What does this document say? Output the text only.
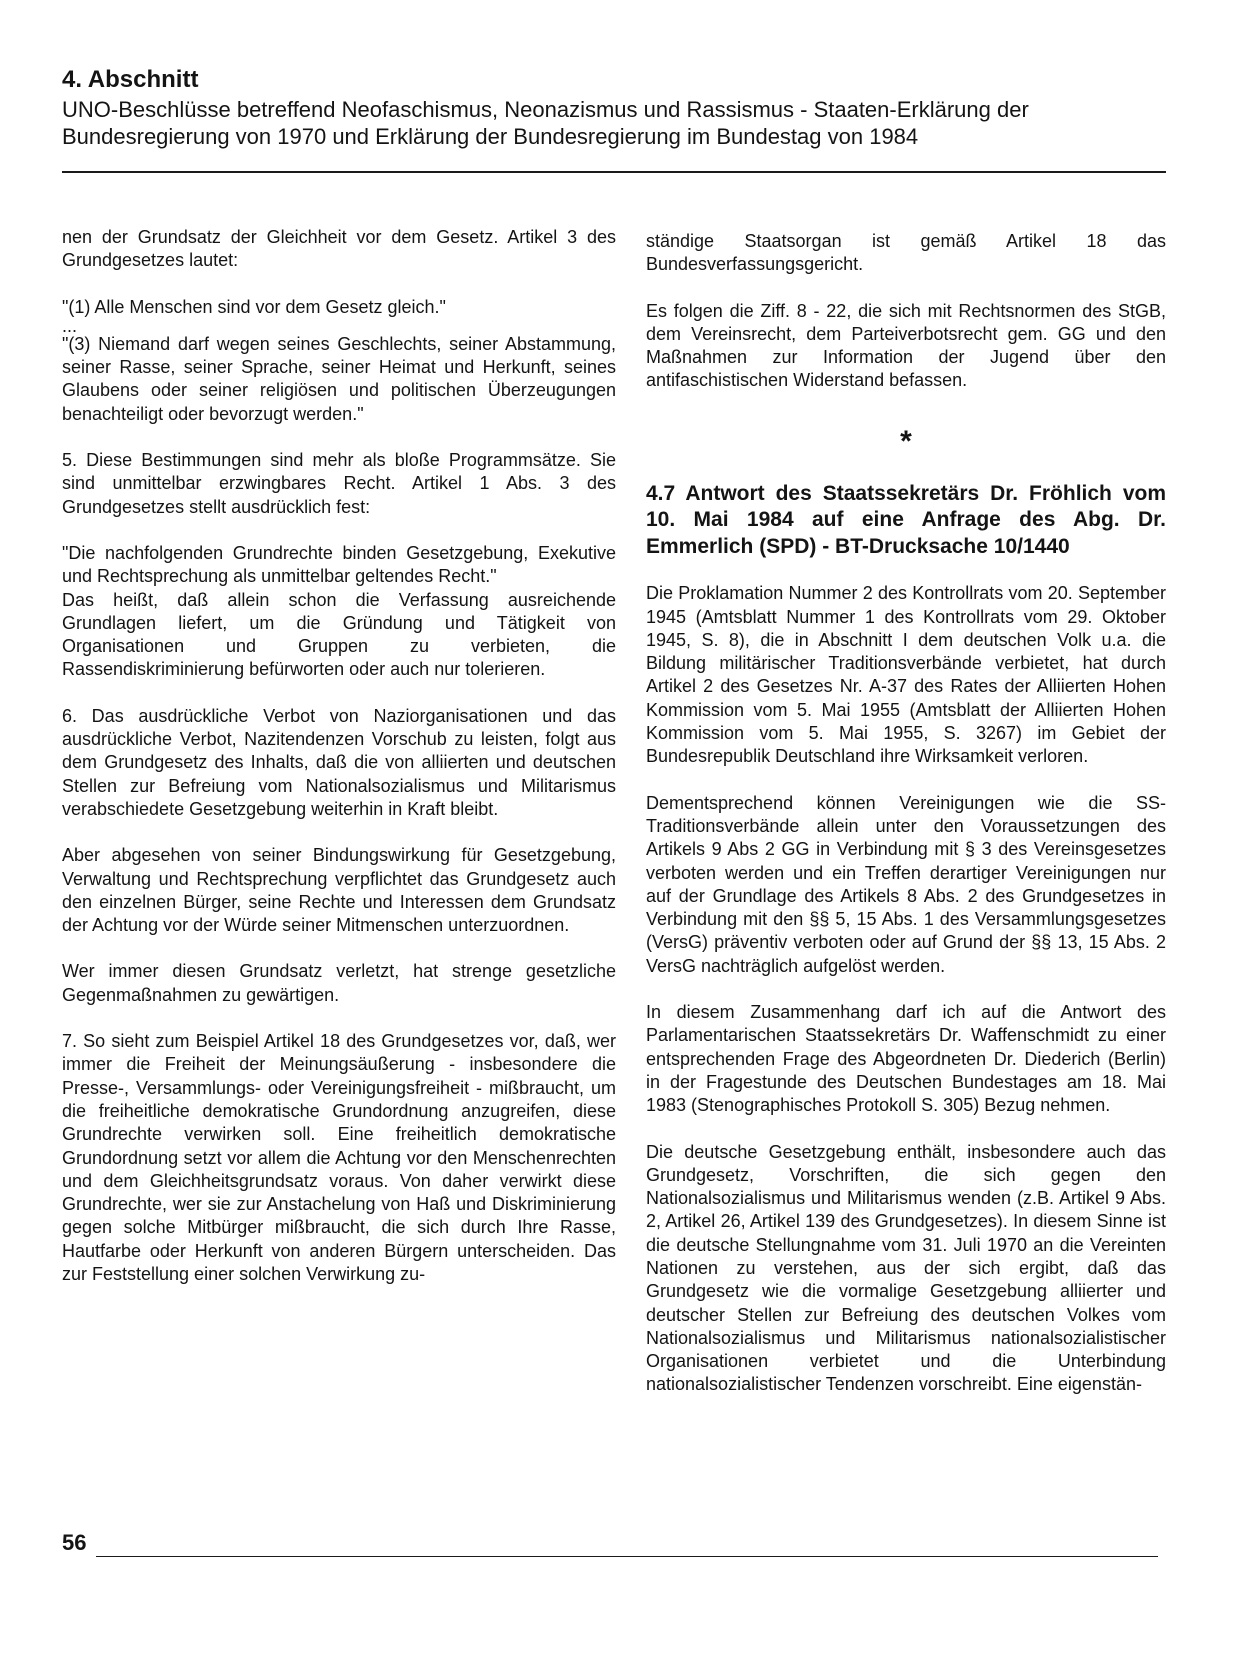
4. Abschnitt
UNO-Beschlüsse betreffend Neofaschismus, Neonazismus und Rassismus - Staaten-Erklärung der Bundesregierung von 1970 und Erklärung der Bundesregierung im Bundestag von 1984

nen der Grundsatz der Gleichheit vor dem Gesetz. Artikel 3 des Grundgesetzes lautet:

"(1) Alle Menschen sind vor dem Gesetz gleich."

...

"(3) Niemand darf wegen seines Geschlechts, seiner Abstammung, seiner Rasse, seiner Sprache, seiner Heimat und Herkunft, seines Glaubens oder seiner religiösen und politischen Überzeugungen benachteiligt oder bevorzugt werden."

5. Diese Bestimmungen sind mehr als bloße Programmsätze. Sie sind unmittelbar erzwingbares Recht. Artikel 1 Abs. 3 des Grundgesetzes stellt ausdrücklich fest:

"Die nachfolgenden Grundrechte binden Gesetzgebung, Exekutive und Rechtsprechung als unmittelbar geltendes Recht."

Das heißt, daß allein schon die Verfassung ausreichende Grundlagen liefert, um die Gründung und Tätigkeit von Organisationen und Gruppen zu verbieten, die Rassendiskriminierung befürworten oder auch nur tolerieren.

6. Das ausdrückliche Verbot von Naziorganisationen und das ausdrückliche Verbot, Nazitendenzen Vorschub zu leisten, folgt aus dem Grundgesetz des Inhalts, daß die von alliierten und deutschen Stellen zur Befreiung vom Nationalsozialismus und Militarismus verabschiedete Gesetzgebung weiterhin in Kraft bleibt.

Aber abgesehen von seiner Bindungswirkung für Gesetzgebung, Verwaltung und Rechtsprechung verpflichtet das Grundgesetz auch den einzelnen Bürger, seine Rechte und Interessen dem Grundsatz der Achtung vor der Würde seiner Mitmenschen unterzuordnen.

Wer immer diesen Grundsatz verletzt, hat strenge gesetzliche Gegenmaßnahmen zu gewärtigen.

7. So sieht zum Beispiel Artikel 18 des Grundgesetzes vor, daß, wer immer die Freiheit der Meinungsäußerung - insbesondere die Presse-, Versammlungs- oder Vereinigungsfreiheit - mißbraucht, um die freiheitliche demokratische Grundordnung anzugreifen, diese Grundrechte verwirken soll. Eine freiheitlich demokratische Grundordnung setzt vor allem die Achtung vor den Menschenrechten und dem Gleichheitsgrundsatz voraus. Von daher verwirkt diese Grundrechte, wer sie zur Anstachelung von Haß und Diskriminierung gegen solche Mitbürger mißbraucht, die sich durch Ihre Rasse, Hautfarbe oder Herkunft von anderen Bürgern unterscheiden. Das zur Feststellung einer solchen Verwirkung zu-

ständige Staatsorgan ist gemäß Artikel 18 das Bundesverfassungsgericht.

Es folgen die Ziff. 8 - 22, die sich mit Rechtsnormen des StGB, dem Vereinsrecht, dem Parteiverbotsrecht gem. GG und den Maßnahmen zur Information der Jugend über den antifaschistischen Widerstand befassen.

*

4.7 Antwort des Staatssekretärs Dr. Fröhlich vom 10. Mai 1984 auf eine Anfrage des Abg. Dr. Emmerlich (SPD) - BT-Drucksache 10/1440

Die Proklamation Nummer 2 des Kontrollrats vom 20. September 1945 (Amtsblatt Nummer 1 des Kontrollrats vom 29. Oktober 1945, S. 8), die in Abschnitt I dem deutschen Volk u.a. die Bildung militärischer Traditionsverbände verbietet, hat durch Artikel 2 des Gesetzes Nr. A-37 des Rates der Alliierten Hohen Kommission vom 5. Mai 1955 (Amtsblatt der Alliierten Hohen Kommission vom 5. Mai 1955, S. 3267) im Gebiet der Bundesrepublik Deutschland ihre Wirksamkeit verloren.

Dementsprechend können Vereinigungen wie die SS-Traditionsverbände allein unter den Voraussetzungen des Artikels 9 Abs 2 GG in Verbindung mit § 3 des Vereinsgesetzes verboten werden und ein Treffen derartiger Vereinigungen nur auf der Grundlage des Artikels 8 Abs. 2 des Grundgesetzes in Verbindung mit den §§ 5, 15 Abs. 1 des Versammlungsgesetzes (VersG) präventiv verboten oder auf Grund der §§ 13, 15 Abs. 2 VersG nachträglich aufgelöst werden.

In diesem Zusammenhang darf ich auf die Antwort des Parlamentarischen Staatssekretärs Dr. Waffenschmidt zu einer entsprechenden Frage des Abgeordneten Dr. Diederich (Berlin) in der Fragestunde des Deutschen Bundestages am 18. Mai 1983 (Stenographisches Protokoll S. 305) Bezug nehmen.

Die deutsche Gesetzgebung enthält, insbesondere auch das Grundgesetz, Vorschriften, die sich gegen den Nationalsozialismus und Militarismus wenden (z.B. Artikel 9 Abs. 2, Artikel 26, Artikel 139 des Grundgesetzes). In diesem Sinne ist die deutsche Stellungnahme vom 31. Juli 1970 an die Vereinten Nationen zu verstehen, aus der sich ergibt, daß das Grundgesetz wie die vormalige Gesetzgebung alliierter und deutscher Stellen zur Befreiung des deutschen Volkes vom Nationalsozialismus und Militarismus nationalsozialistischer Organisationen verbietet und die Unterbindung nationalsozialistischer Tendenzen vorschreibt. Eine eigenstän-

56
